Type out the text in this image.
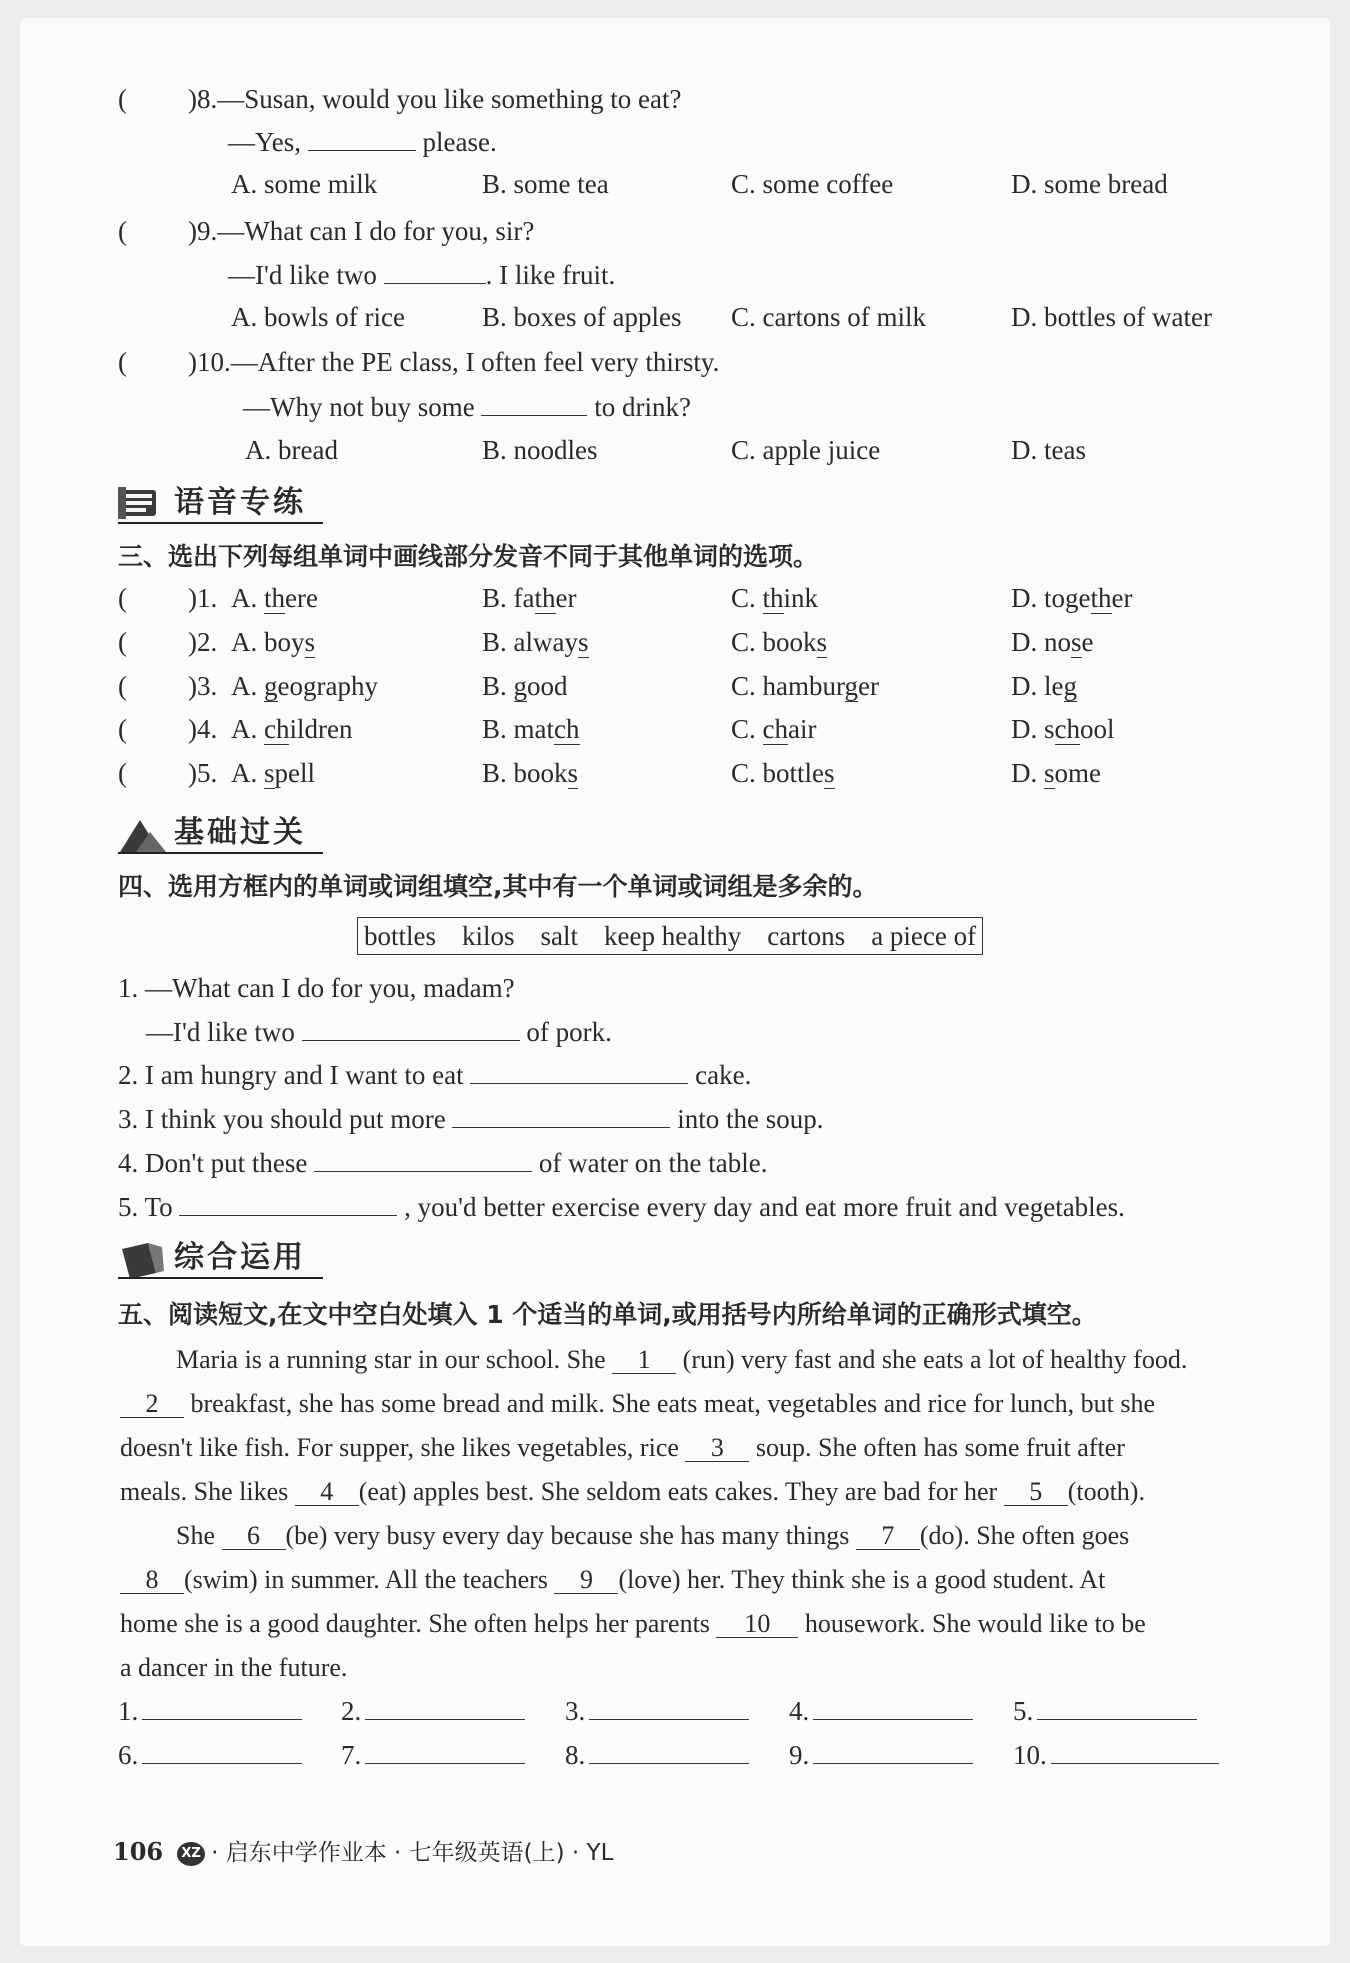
( )8.—Susan, would you like something to eat?
—Yes,	please.
A. some milk	B. some tea	C. some coffee	D. some bread
( )9.—What can I do for you, sir?
—I'd like two	. I like fruit.
A. bowls of rice	B. boxes of apples C. cartons of milk	D. bottles of water
( )10.—After the PE class, I often feel very thirsty.
—Why not buy some	to drink?
A. bread	B. noodles	C. apple juice	D. teas
语音专练
三、选出下列每组单词中画线部分发音不同于其他单词的选项。
( )1. A. there	B. father	C. think	D. together
( )2. A. boys	B. always	C. books	D. nose
( )3. A. geography	B. good	C. hamburger	D. leg
( )4. A. children	B. match	C. chair	D. school
( )5. A. spell	B. books	C. bottles	D. some
基础过关
四、选用方框内的单词或词组填空,其中有一个单词或词组是多余的。
bottles kilos salt keep healthy cartons a piece of
1. —What can I do for you, madam?
—I'd like two	of pork.
2. I am hungry and I want to eat	cake.
3. I think you should put more	into the soup.
4. Don't put these	of water on the table.
5. To	, you'd better exercise every day and eat more fruit and vegetables.
综合运用
五、阅读短文,在文中空白处填入 1 个适当的单词,或用括号内所给单词的正确形式填空。
Maria is a running star in our school. She 1 (run) very fast and she eats a lot of healthy food.
2 breakfast, she has some bread and milk. She eats meat, vegetables and rice for lunch, but she
doesn't like fish. For supper, she likes vegetables, rice 3 soup. She often has some fruit after
meals. She likes 4 (eat) apples best. She seldom eats cakes. They are bad for her 5 (tooth).
She 6 (be) very busy every day because she has many things 7 (do). She often goes
8 (swim) in summer. All the teachers 9 (love) her. They think she is a good student. At
home she is a good daughter. She often helps her parents 10 housework. She would like to be
a dancer in the future.
1.	2.	3.	4.	5.
6.	7.	8.	9.	10.
106 XZ · 启东中学作业本 · 七年级英语(上) · YL
